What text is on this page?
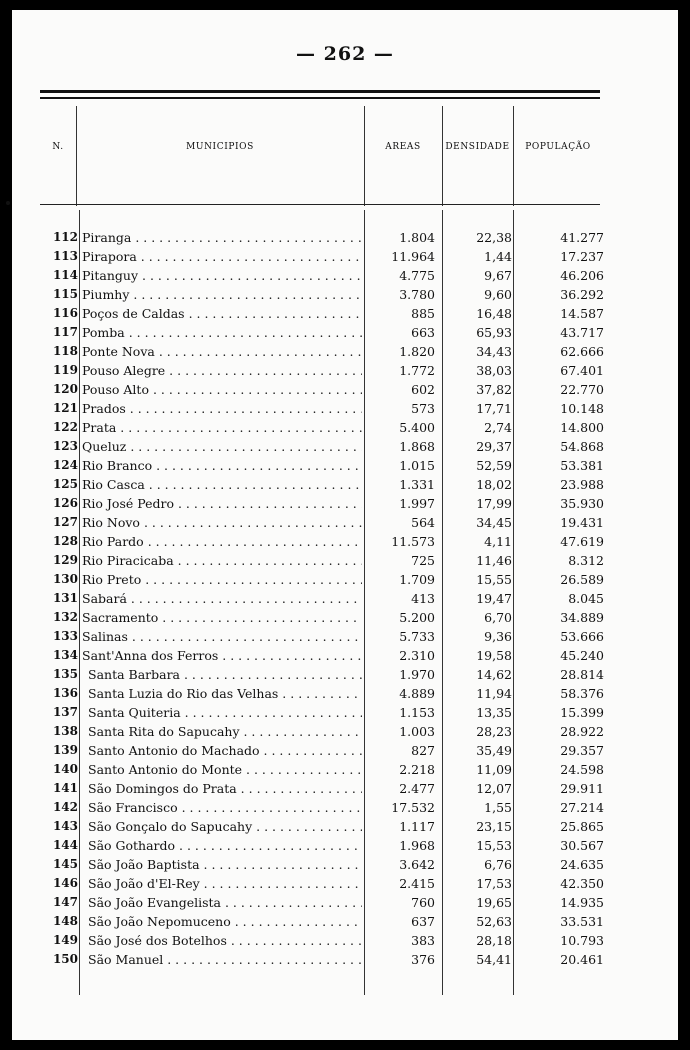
— 262 —
N.	MUNICIPIOS	AREAS	DENSIDADE	POPULAÇÃO
112 Piranga . . .	1.804	22,38	41.277
113 Pirapora . . .	11.964	1,44	17.237
114 Pitanguy . . .	4.775	9,67	46.206
115 Piumhy . . .	3.780	9,60	36.292
116 Poços de Caldas . . .	885	16,48	14.587
117 Pomba . . .	663	65,93	43.717
118 Ponte Nova . . .	1.820	34,43	62.666
119 Pouso Alegre . . .	1.772	38,03	67.401
120 Pouso Alto . . .	602	37,82	22.770
121 Prados . . .	573	17,71	10.148
122 Prata . . .	5.400	2,74	14.800
123 Queluz . . .	1.868	29,37	54.868
124 Rio Branco . . .	1.015	52,59	53.381
125 Rio Casca . . .	1.331	18,02	23.988
126 Rio José Pedro . . .	1.997	17,99	35.930
127 Rio Novo . . .	564	34,45	19.431
128 Rio Pardo . . .	11.573	4,11	47.619
129 Rio Piracicaba . . .	725	11,46	8.312
130 Rio Preto . . .	1.709	15,55	26.589
131 Sabará . . .	413	19,47	8.045
132 Sacramento . . .	5.200	6,70	34.889
133 Salinas . . .	5.733	9,36	53.666
134 Sant'Anna dos Ferros . . .	2.310	19,58	45.240
135 Santa Barbara . . .	1.970	14,62	28.814
136 Santa Luzia do Rio das Velhas . . .	4.889	11,94	58.376
137 Santa Quiteria . . .	1.153	13,35	15.399
138 Santa Rita do Sapucahy . . .	1.003	28,23	28.922
139 Santo Antonio do Machado . . .	827	35,49	29.357
140 Santo Antonio do Monte . . .	2.218	11,09	24.598
141 São Domingos do Prata . . .	2.477	12,07	29.911
142 São Francisco . . .	17.532	1,55	27.214
143 São Gonçalo do Sapucahy . . .	1.117	23,15	25.865
144 São Gothardo . . .	1.968	15,53	30.567
145 São João Baptista . . .	3.642	6,76	24.635
146 São João d'El-Rey . . .	2.415	17,53	42.350
147 São João Evangelista . . .	760	19,65	14.935
148 São João Nepomuceno . . .	637	52,63	33.531
149 São José dos Botelhos . . .	383	28,18	10.793
150 São Manuel . . .	376	54,41	20.461
